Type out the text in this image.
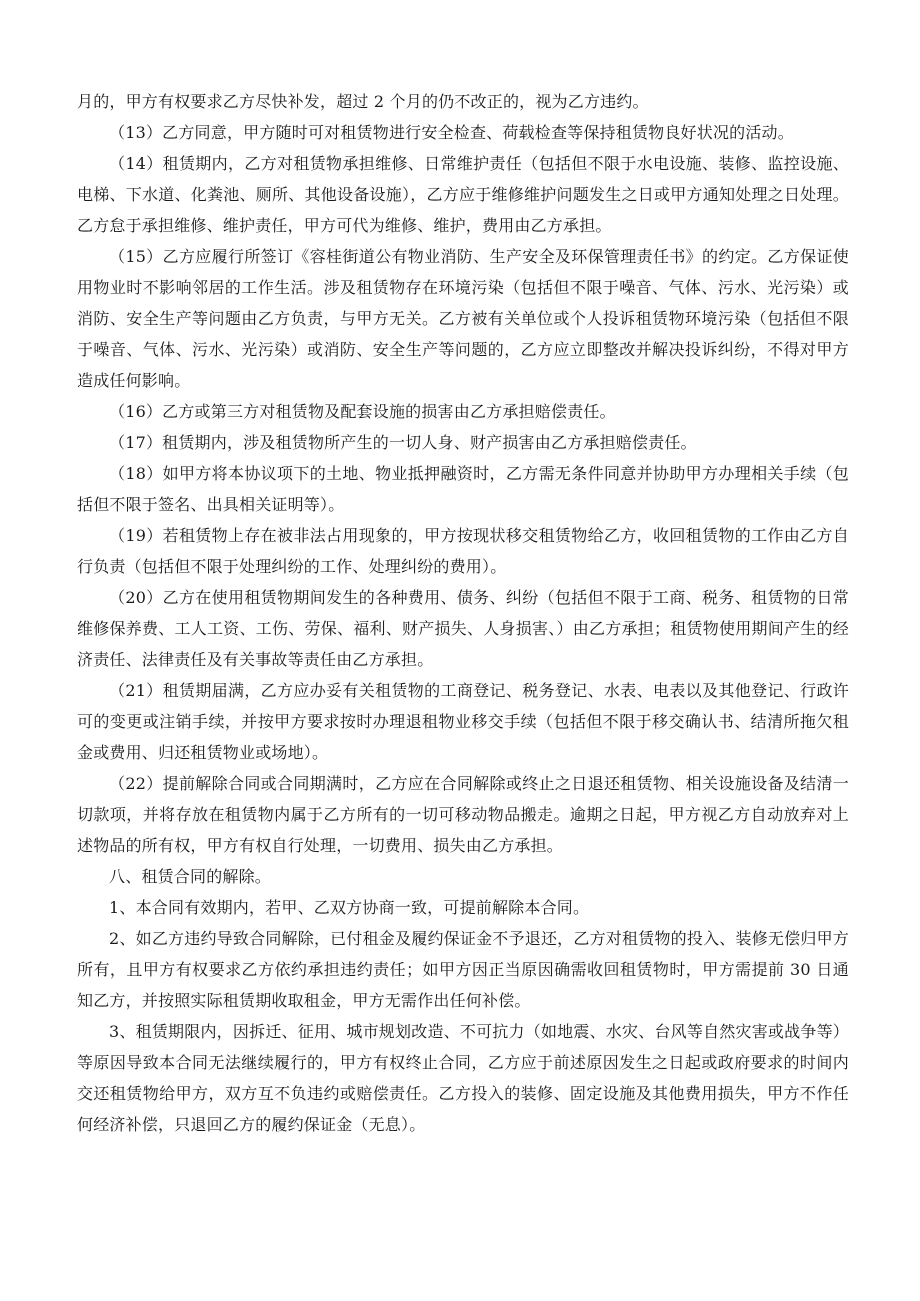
月的，甲方有权要求乙方尽快补发，超过 2 个月的仍不改正的，视为乙方违约。

（13）乙方同意，甲方随时可对租赁物进行安全检查、荷载检查等保持租赁物良好状况的活动。

（14）租赁期内，乙方对租赁物承担维修、日常维护责任（包括但不限于水电设施、装修、监控设施、电梯、下水道、化粪池、厕所、其他设备设施），乙方应于维修维护问题发生之日或甲方通知处理之日处理。乙方怠于承担维修、维护责任，甲方可代为维修、维护，费用由乙方承担。

（15）乙方应履行所签订《容桂街道公有物业消防、生产安全及环保管理责任书》的约定。乙方保证使用物业时不影响邻居的工作生活。涉及租赁物存在环境污染（包括但不限于噪音、气体、污水、光污染）或消防、安全生产等问题由乙方负责，与甲方无关。乙方被有关单位或个人投诉租赁物环境污染（包括但不限于噪音、气体、污水、光污染）或消防、安全生产等问题的，乙方应立即整改并解决投诉纠纷，不得对甲方造成任何影响。

（16）乙方或第三方对租赁物及配套设施的损害由乙方承担赔偿责任。

（17）租赁期内，涉及租赁物所产生的一切人身、财产损害由乙方承担赔偿责任。

（18）如甲方将本协议项下的土地、物业抵押融资时，乙方需无条件同意并协助甲方办理相关手续（包括但不限于签名、出具相关证明等）。

（19）若租赁物上存在被非法占用现象的，甲方按现状移交租赁物给乙方，收回租赁物的工作由乙方自行负责（包括但不限于处理纠纷的工作、处理纠纷的费用）。

（20）乙方在使用租赁物期间发生的各种费用、债务、纠纷（包括但不限于工商、税务、租赁物的日常维修保养费、工人工资、工伤、劳保、福利、财产损失、人身损害、）由乙方承担；租赁物使用期间产生的经济责任、法律责任及有关事故等责任由乙方承担。

（21）租赁期届满，乙方应办妥有关租赁物的工商登记、税务登记、水表、电表以及其他登记、行政许可的变更或注销手续，并按甲方要求按时办理退租物业移交手续（包括但不限于移交确认书、结清所拖欠租金或费用、归还租赁物业或场地）。

（22）提前解除合同或合同期满时，乙方应在合同解除或终止之日退还租赁物、相关设施设备及结清一切款项，并将存放在租赁物内属于乙方所有的一切可移动物品搬走。逾期之日起，甲方视乙方自动放弃对上述物品的所有权，甲方有权自行处理，一切费用、损失由乙方承担。

八、租赁合同的解除。

1、本合同有效期内，若甲、乙双方协商一致，可提前解除本合同。

2、如乙方违约导致合同解除，已付租金及履约保证金不予退还，乙方对租赁物的投入、装修无偿归甲方所有，且甲方有权要求乙方依约承担违约责任；如甲方因正当原因确需收回租赁物时，甲方需提前 30 日通知乙方，并按照实际租赁期收取租金，甲方无需作出任何补偿。

3、租赁期限内，因拆迁、征用、城市规划改造、不可抗力（如地震、水灾、台风等自然灾害或战争等）等原因导致本合同无法继续履行的，甲方有权终止合同，乙方应于前述原因发生之日起或政府要求的时间内交还租赁物给甲方，双方互不负违约或赔偿责任。乙方投入的装修、固定设施及其他费用损失，甲方不作任何经济补偿，只退回乙方的履约保证金（无息）。
